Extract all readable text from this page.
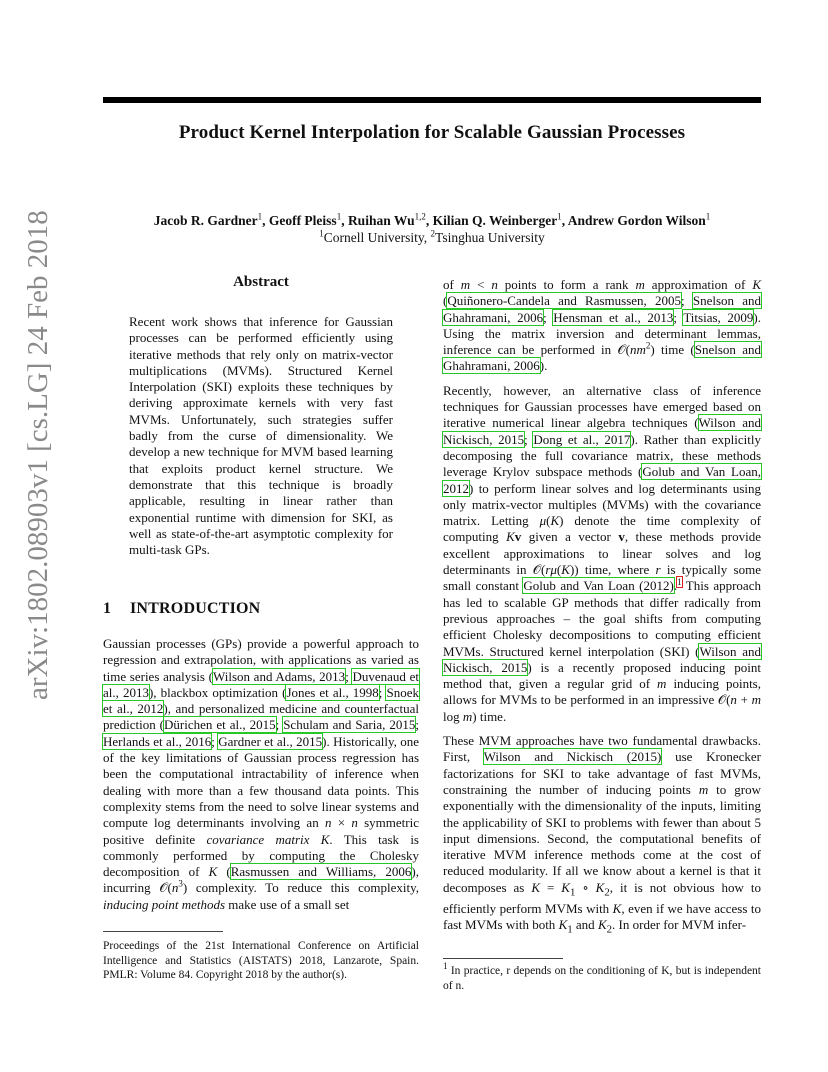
Product Kernel Interpolation for Scalable Gaussian Processes
Jacob R. Gardner$^1$, Geoff Pleiss$^1$, Ruihan Wu$^{1,2}$, Kilian Q. Weinberger$^1$, Andrew Gordon Wilson$^1$
$^1$Cornell University, $^2$Tsinghua University
arXiv:1802.08903v1 [cs.LG] 24 Feb 2018	Abstract
Recent work shows that inference for Gaussian processes can be performed efficiently using iterative methods that rely only on matrix-vector multiplications (MVMs). Structured Kernel Interpolation (SKI) exploits these techniques by deriving approximate kernels with very fast MVMs. Unfortunately, such strategies suffer badly from the curse of dimensionality. We develop a new technique for MVM based learning that exploits product kernel structure. We demonstrate that this technique is broadly applicable, resulting in linear rather than exponential runtime with dimension for SKI, as well as state-of-the-art asymptotic complexity for multi-task GPs.
1 INTRODUCTION
Gaussian processes (GPs) provide a powerful approach to regression and extrapolation, with applications as varied as time series analysis (Wilson and Adams, 2013; Duvenaud et al., 2013), blackbox optimization (Jones et al., 1998; Snoek et al., 2012), and personalized medicine and counterfactual prediction (Dürichen et al., 2015; Schulam and Saria, 2015; Herlands et al., 2016; Gardner et al., 2015). Historically, one of the key limitations of Gaussian process regression has been the computational intractability of inference when dealing with more than a few thousand data points. This complexity stems from the need to solve linear systems and compute log determinants involving an n × n symmetric positive definite covariance matrix K. This task is commonly performed by computing the Cholesky decomposition of K (Rasmussen and Williams, 2006), incurring $𝒪(n^3)$ complexity. To reduce this complexity, inducing point methods make use of a small set
Proceedings of the 21st International Conference on Artificial Intelligence and Statistics (AISTATS) 2018, Lanzarote, Spain. PMLR: Volume 84. Copyright 2018 by the author(s).

of m < n points to form a rank m approximation of K (Quiñonero-Candela and Rasmussen, 2005; Snelson and Ghahramani, 2006; Hensman et al., 2013; Titsias, 2009). Using the matrix inversion and determinant lemmas, inference can be performed in $𝒪(nm^2)$ time (Snelson and Ghahramani, 2006).

Recently, however, an alternative class of inference techniques for Gaussian processes have emerged based on iterative numerical linear algebra techniques (Wilson and Nickisch, 2015; Dong et al., 2017). Rather than explicitly decomposing the full covariance matrix, these methods leverage Krylov subspace methods (Golub and Van Loan, 2012) to perform linear solves and log determinants using only matrix-vector multiples (MVMs) with the covariance matrix. Letting μ(K) denote the time complexity of computing Kv given a vector v, these methods provide excellent approximations to linear solves and log determinants in 𝒪(rμ(K)) time, where r is typically some small constant Golub and Van Loan (2012).$^1$ This approach has led to scalable GP methods that differ radically from previous approaches – the goal shifts from computing efficient Cholesky decompositions to computing efficient MVMs. Structured kernel interpolation (SKI) (Wilson and Nickisch, 2015) is a recently proposed inducing point method that, given a regular grid of m inducing points, allows for MVMs to be performed in an impressive 𝒪(n + m log m) time.

These MVM approaches have two fundamental drawbacks. First, Wilson and Nickisch (2015) use Kronecker factorizations for SKI to take advantage of fast MVMs, constraining the number of inducing points m to grow exponentially with the dimensionality of the inputs, limiting the applicability of SKI to problems with fewer than about 5 input dimensions. Second, the computational benefits of iterative MVM inference methods come at the cost of reduced modularity. If all we know about a kernel is that it decomposes as $K = K_1$ ∘ $K_2$, it is not obvious how to efficiently perform MVMs with K, even if we have access to fast MVMs with both $K_1$ and $K_2$. In order for MVM infer-

$^1$ In practice, r depends on the conditioning of K, but is independent of n.
